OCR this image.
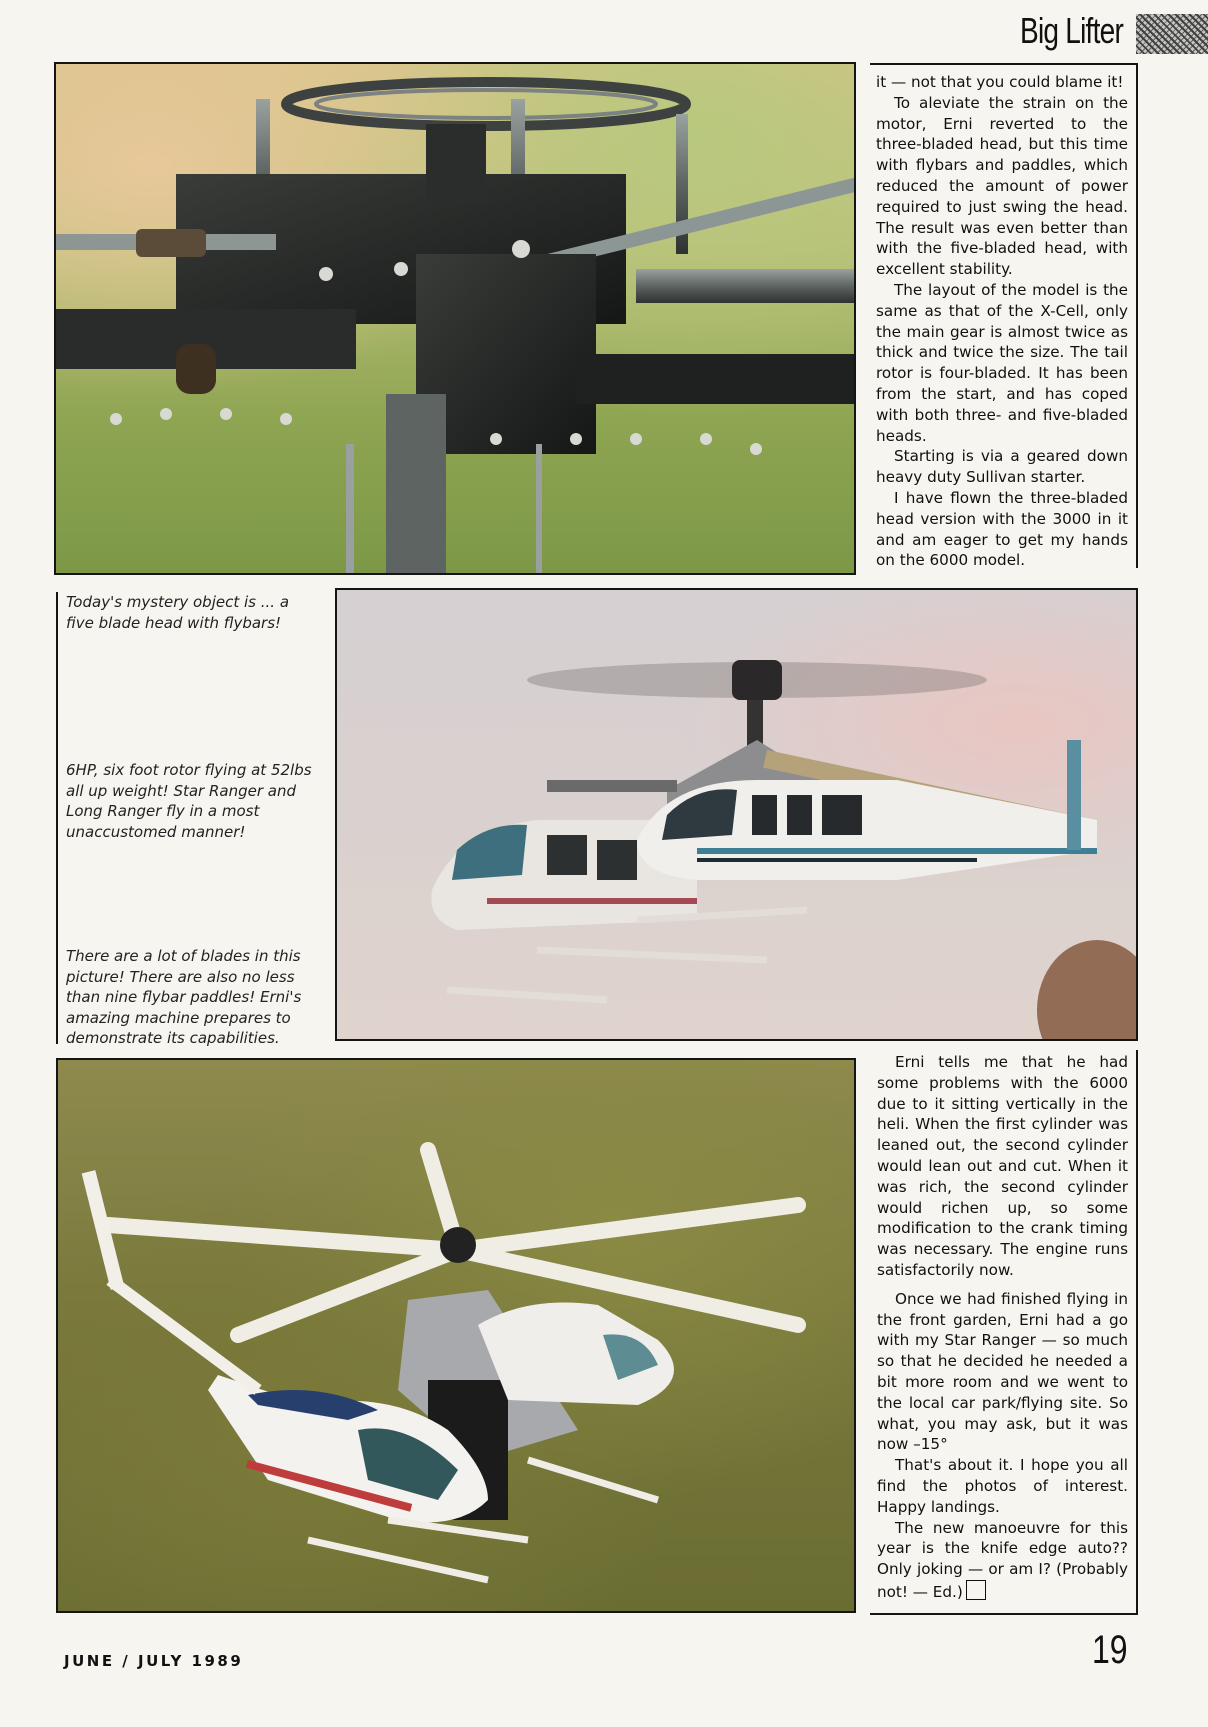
Big Lifter

it — not that you could blame it!

To aleviate the strain on the motor, Erni reverted to the three-bladed head, but this time with flybars and paddles, which reduced the amount of power required to just swing the head. The result was even better than with the five-bladed head, with excellent stability.

The layout of the model is the same as that of the X-Cell, only the main gear is almost twice as thick and twice the size. The tail rotor is four-bladed. It has been from the start, and has coped with both three- and five-bladed heads.

Starting is via a geared down heavy duty Sullivan starter.

I have flown the three-bladed head version with the 3000 in it and am eager to get my hands on the 6000 model.

Today's mystery object is ... a five blade head with flybars!
6HP, six foot rotor flying at 52lbs all up weight! Star Ranger and Long Ranger fly in a most unaccustomed manner!
There are a lot of blades in this picture! There are also no less than nine flybar paddles! Erni's amazing machine prepares to demonstrate its capabilities.

Erni tells me that he had some problems with the 6000 due to it sitting vertically in the heli. When the first cylinder was leaned out, the second cylinder would lean out and cut. When it was rich, the second cylinder would richen up, so some modification to the crank timing was necessary. The engine runs satisfactorily now.

Once we had finished flying in the front garden, Erni had a go with my Star Ranger — so much so that he decided he needed a bit more room and we went to the local car park/flying site. So what, you may ask, but it was now –15°

That's about it. I hope you all find the photos of interest. Happy landings.

The new manoeuvre for this year is the knife edge auto?? Only joking — or am I? (Probably not! — Ed.)

JUNE / JULY 1989	19
